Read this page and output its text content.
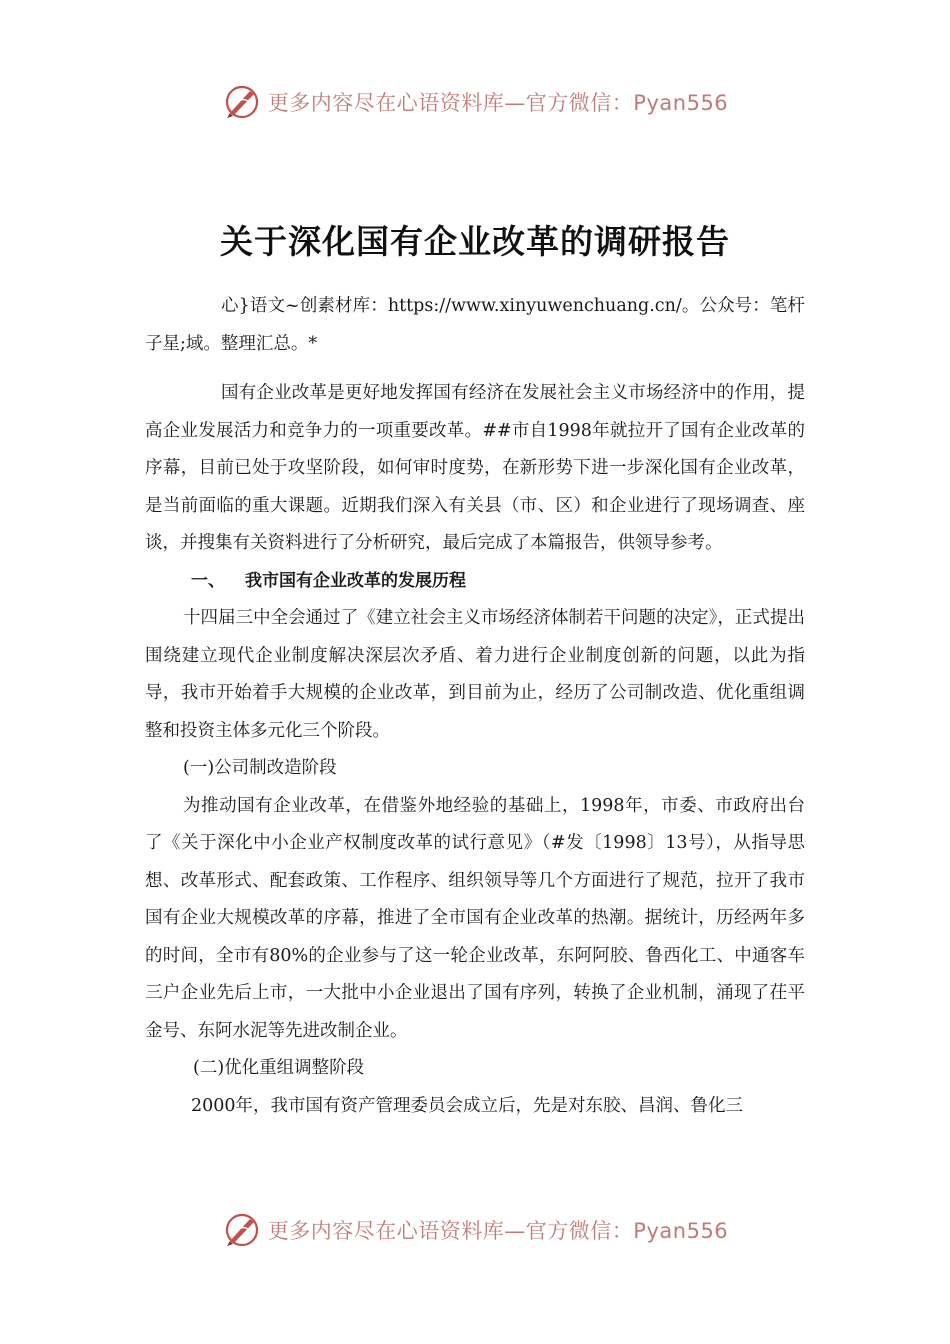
更多内容尽在心语资料库—官方微信：Pyan556
关于深化国有企业改革的调研报告

心}语文~创素材库：https://www.xinyuwenchuang.cn/。公众号：笔杆子星;域。整理汇总。*

国有企业改革是更好地发挥国有经济在发展社会主义市场经济中的作用，提高企业发展活力和竞争力的一项重要改革。##市自1998年就拉开了国有企业改革的序幕，目前已处于攻坚阶段，如何审时度势，在新形势下进一步深化国有企业改革，是当前面临的重大课题。近期我们深入有关县（市、区）和企业进行了现场调查、座谈，并搜集有关资料进行了分析研究，最后完成了本篇报告，供领导参考。

一、 我市国有企业改革的发展历程

十四届三中全会通过了《建立社会主义市场经济体制若干问题的决定》，正式提出围绕建立现代企业制度解决深层次矛盾、着力进行企业制度创新的问题，以此为指导，我市开始着手大规模的企业改革，到目前为止，经历了公司制改造、优化重组调整和投资主体多元化三个阶段。

(一)公司制改造阶段

为推动国有企业改革，在借鉴外地经验的基础上，1998年，市委、市政府出台了《关于深化中小企业产权制度改革的试行意见》（#发〔1998〕13号），从指导思想、改革形式、配套政策、工作程序、组织领导等几个方面进行了规范，拉开了我市国有企业大规模改革的序幕，推进了全市国有企业改革的热潮。据统计，历经两年多的时间，全市有80%的企业参与了这一轮企业改革，东阿阿胶、鲁西化工、中通客车三户企业先后上市，一大批中小企业退出了国有序列，转换了企业机制，涌现了茌平金号、东阿水泥等先进改制企业。

(二)优化重组调整阶段

2000年，我市国有资产管理委员会成立后，先是对东胶、昌润、鲁化三

更多内容尽在心语资料库—官方微信：Pyan556
